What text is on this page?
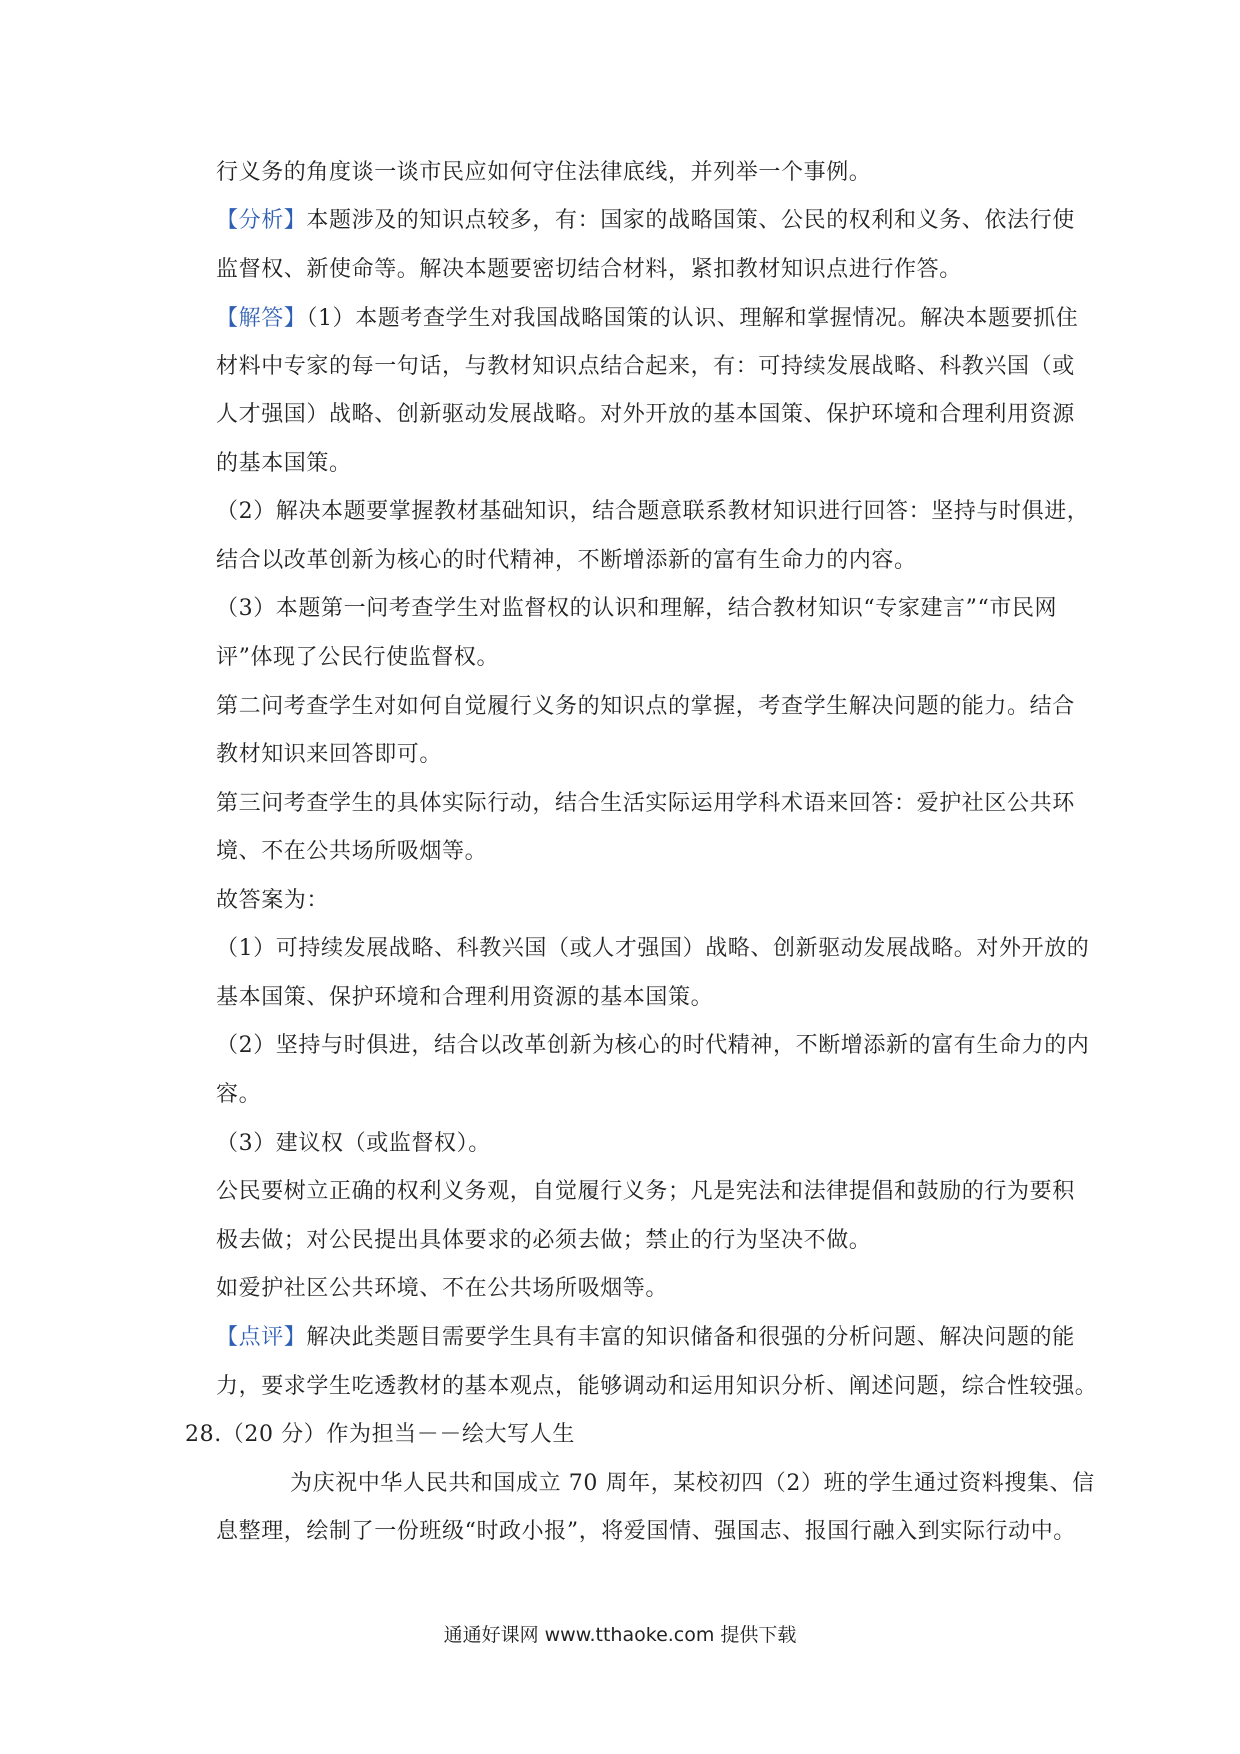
行义务的角度谈一谈市民应如何守住法律底线，并列举一个事例。
【分析】本题涉及的知识点较多，有：国家的战略国策、公民的权利和义务、依法行使
监督权、新使命等。解决本题要密切结合材料，紧扣教材知识点进行作答。
【解答】（1）本题考查学生对我国战略国策的认识、理解和掌握情况。解决本题要抓住
材料中专家的每一句话，与教材知识点结合起来，有：可持续发展战略、科教兴国（或
人才强国）战略、创新驱动发展战略。对外开放的基本国策、保护环境和合理利用资源
的基本国策。
（2）解决本题要掌握教材基础知识，结合题意联系教材知识进行回答：坚持与时俱进，
结合以改革创新为核心的时代精神，不断增添新的富有生命力的内容。
（3）本题第一问考查学生对监督权的认识和理解，结合教材知识“专家建言”“市民网
评”体现了公民行使监督权。
第二问考查学生对如何自觉履行义务的知识点的掌握，考查学生解决问题的能力。结合
教材知识来回答即可。
第三问考查学生的具体实际行动，结合生活实际运用学科术语来回答：爱护社区公共环
境、不在公共场所吸烟等。
故答案为：
（1）可持续发展战略、科教兴国（或人才强国）战略、创新驱动发展战略。对外开放的
基本国策、保护环境和合理利用资源的基本国策。
（2）坚持与时俱进，结合以改革创新为核心的时代精神，不断增添新的富有生命力的内
容。
（3）建议权（或监督权）。
公民要树立正确的权利义务观，自觉履行义务；凡是宪法和法律提倡和鼓励的行为要积
极去做；对公民提出具体要求的必须去做；禁止的行为坚决不做。
如爱护社区公共环境、不在公共场所吸烟等。
【点评】解决此类题目需要学生具有丰富的知识储备和很强的分析问题、解决问题的能
力，要求学生吃透教材的基本观点，能够调动和运用知识分析、阐述问题，综合性较强。
28.（20 分）作为担当－－绘大写人生
为庆祝中华人民共和国成立 70 周年，某校初四（2）班的学生通过资料搜集、信
息整理，绘制了一份班级“时政小报”，将爱国情、强国志、报国行融入到实际行动中。
通通好课网 www.tthaoke.com 提供下载
